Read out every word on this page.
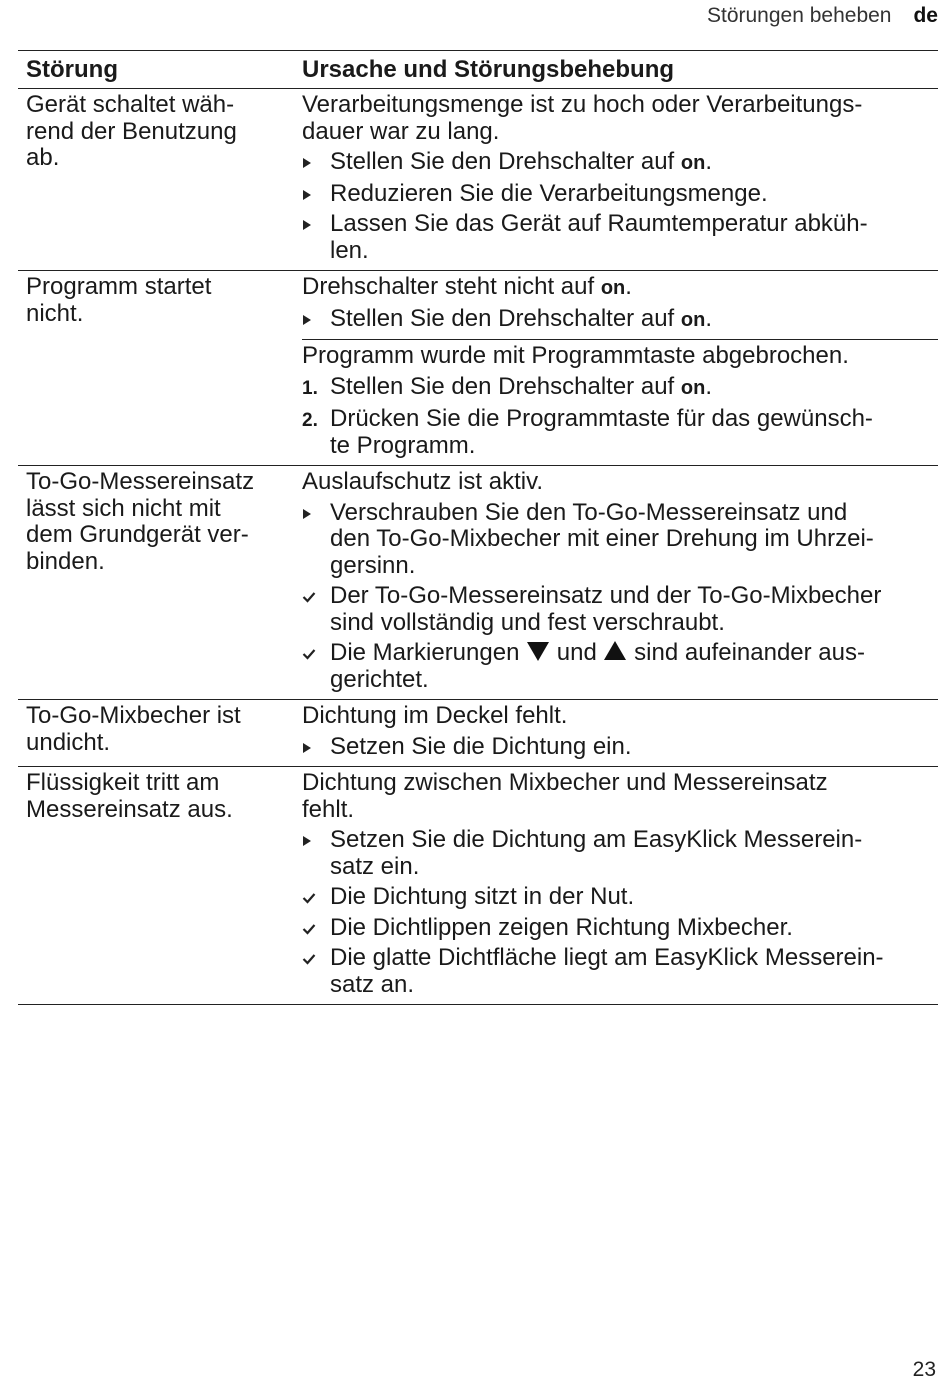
Störungen beheben de
Störung	Ursache und Störungsbehebung
Gerät schaltet wäh-
rend der Benutzung
ab.
Verarbeitungsmenge ist zu hoch oder Verarbeitungs-
dauer war zu lang.
Stellen Sie den Drehschalter auf on.
Reduzieren Sie die Verarbeitungsmenge.
Lassen Sie das Gerät auf Raumtemperatur abküh-
len.
Programm startet
nicht.
Drehschalter steht nicht auf on.
Stellen Sie den Drehschalter auf on.
Programm wurde mit Programmtaste abgebrochen.
1. Stellen Sie den Drehschalter auf on.
2. Drücken Sie die Programmtaste für das gewünsch-
te Programm.
To-Go-Messereinsatz
lässt sich nicht mit
dem Grundgerät ver-
binden.
Auslaufschutz ist aktiv.
Verschrauben Sie den To-Go-Messereinsatz und
den To-Go-Mixbecher mit einer Drehung im Uhrzei-
gersinn.
Der To-Go-Messereinsatz und der To-Go-Mixbecher
sind vollständig und fest verschraubt.
Die Markierungen und sind aufeinander aus-
gerichtet.
To-Go-Mixbecher ist
undicht.
Dichtung im Deckel fehlt.
Setzen Sie die Dichtung ein.
Flüssigkeit tritt am
Messereinsatz aus.
Dichtung zwischen Mixbecher und Messereinsatz
fehlt.
Setzen Sie die Dichtung am EasyKlick Messerein-
satz ein.
Die Dichtung sitzt in der Nut.
Die Dichtlippen zeigen Richtung Mixbecher.
Die glatte Dichtfläche liegt am EasyKlick Messerein-
satz an.
23
